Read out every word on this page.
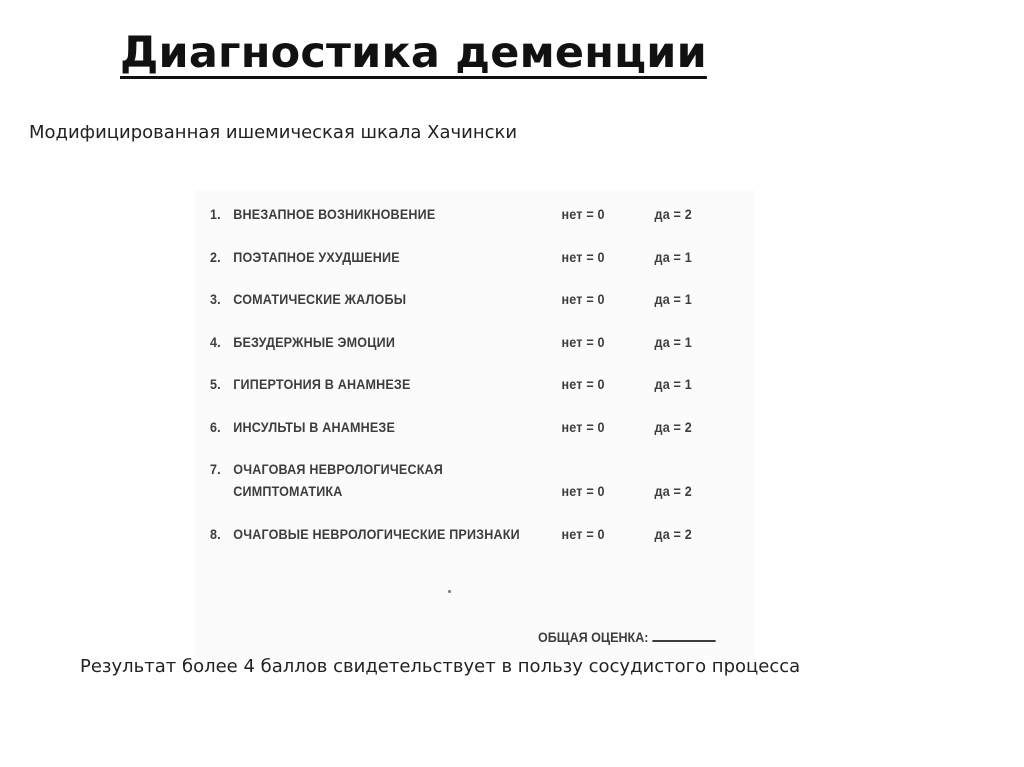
Диагностика деменции
Модифицированная ишемическая шкала Хачински
1. ВНЕЗАПНОЕ ВОЗНИКНОВЕНИЕ	нет = 0	да = 2
2. ПОЭТАПНОЕ УХУДШЕНИЕ	нет = 0	да = 1
3. СОМАТИЧЕСКИЕ ЖАЛОБЫ	нет = 0	да = 1
4. БЕЗУДЕРЖНЫЕ ЭМОЦИИ	нет = 0	да = 1
5. ГИПЕРТОНИЯ В АНАМНЕЗЕ	нет = 0	да = 1
6. ИНСУЛЬТЫ В АНАМНЕЗЕ	нет = 0	да = 2
7. ОЧАГОВАЯ НЕВРОЛОГИЧЕСКАЯ
СИМПТОМАТИКА	нет = 0	да = 2
8. ОЧАГОВЫЕ НЕВРОЛОГИЧЕСКИЕ ПРИЗНАКИ	нет = 0	да = 2
ОБЩАЯ ОЦЕНКА:
Результат более 4 баллов свидетельствует в пользу сосудистого процесса
